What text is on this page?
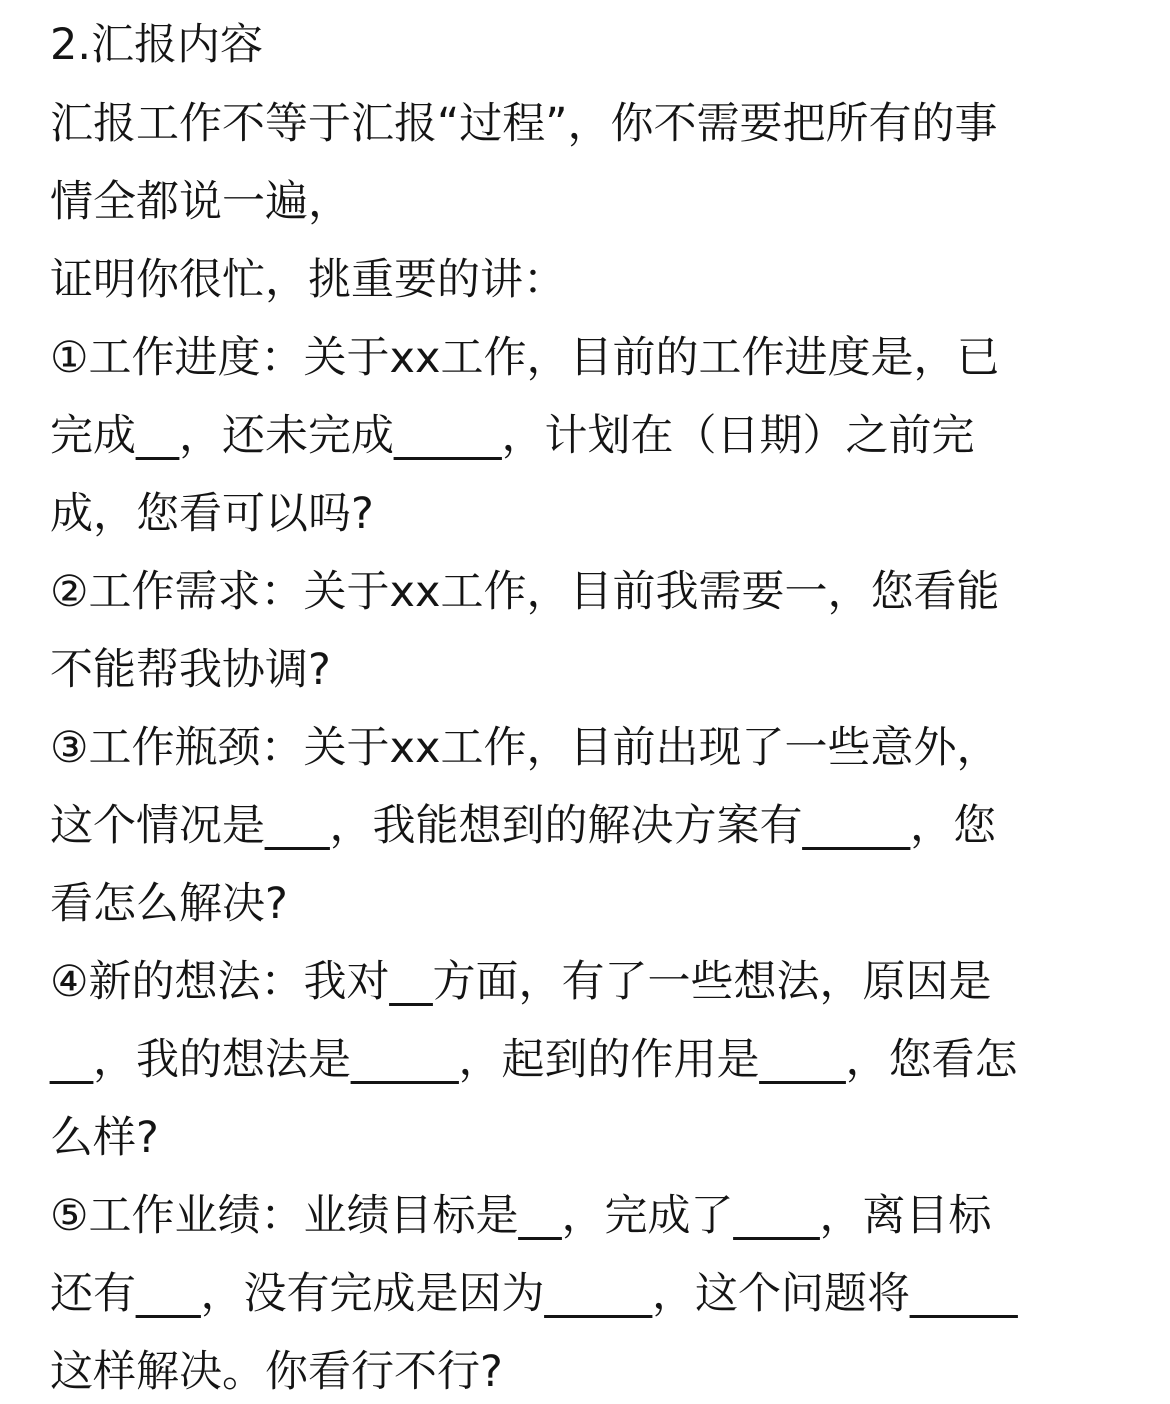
2.汇报内容
汇报工作不等于汇报“过程”，你不需要把所有的事
情全都说一遍，
证明你很忙，挑重要的讲：
①工作进度：关于xx工作，目前的工作进度是，已
完成__，还未完成_____，计划在（日期）之前完
成，您看可以吗?
②工作需求：关于xx工作，目前我需要一，您看能
不能帮我协调?
③工作瓶颈：关于xx工作，目前出现了一些意外，
这个情况是___，我能想到的解决方案有_____，您
看怎么解决?
④新的想法：我对__方面，有了一些想法，原因是
__，我的想法是_____，起到的作用是____，您看怎
么样?
⑤工作业绩：业绩目标是__，完成了____，离目标
还有___，没有完成是因为_____，这个问题将_____
这样解决。你看行不行?
